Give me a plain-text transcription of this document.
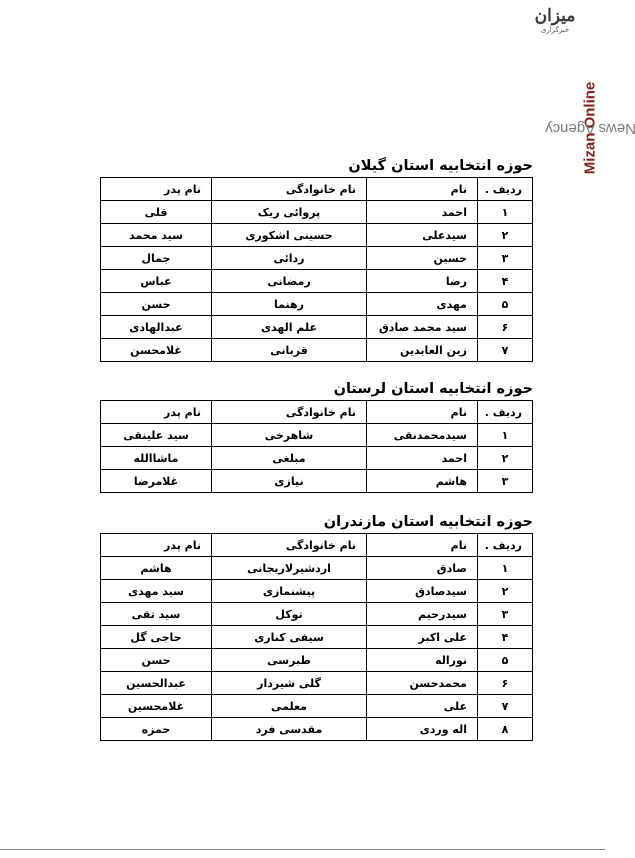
میزان
خبرگزاری
Mizan Online
News Agency
حوزه انتخابیه استان گیلان
ردیف .	نام	نام خانوادگی	نام پدر
۱	احمد	پروائی ریک	قلی
۲	سیدعلی	حسینی اشکوری	سید محمد
۳	حسین	ردائی	جمال
۴	رضا	رمضانی	عباس
۵	مهدی	رهنما	حسن
۶	سید محمد صادق	علم الهدی	عبدالهادی
۷	زین العابدین	قربانی	غلامحسن
حوزه انتخابیه استان لرستان
ردیف .	نام	نام خانوادگی	نام پدر
۱	سیدمحمدنقی	شاهرخی	سید علینقی
۲	احمد	مبلغی	ماشاالله
۳	هاشم	نیازی	غلامرضا
حوزه انتخابیه استان مازندران
ردیف .	نام	نام خانوادگی	نام پدر
۱	صادق	اردشیرلاریجانی	هاشم
۲	سیدصادق	پیشنمازی	سید مهدی
۳	سیدرحیم	توکل	سید تقی
۴	علی اکبر	سیفی کناری	حاجی گل
۵	نوراله	طبرسی	حسن
۶	محمدحسن	گلی شیردار	عبدالحسین
۷	علی	معلمی	غلامحسین
۸	اله وردی	مقدسی فرد	حمزه
